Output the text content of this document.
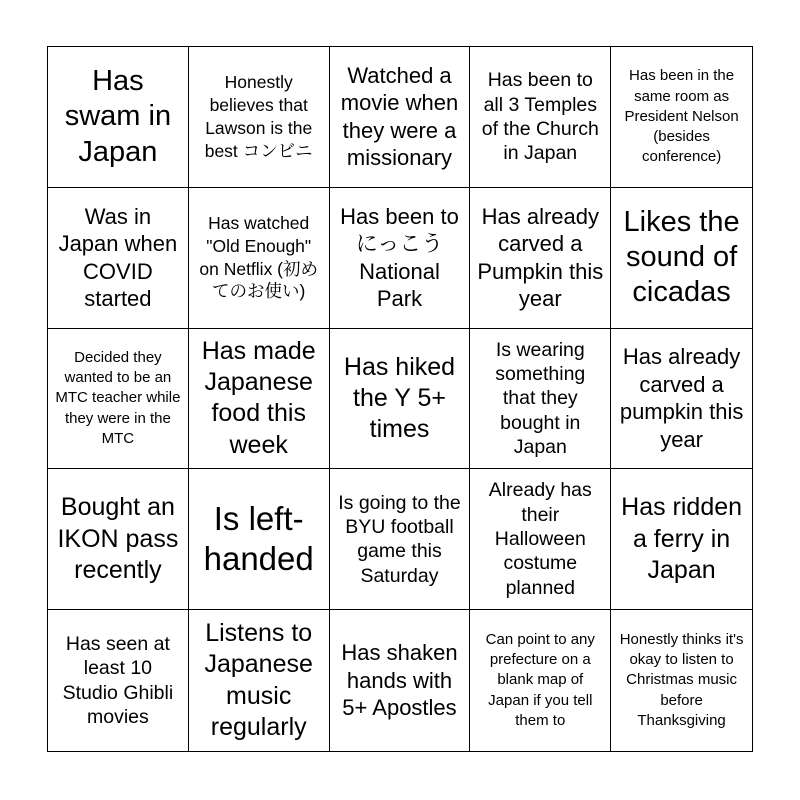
Has swam in Japan
Honestly believes that Lawson is the best コンビニ
Watched a movie when they were a missionary
Has been to all 3 Temples of the Church in Japan
Has been in the same room as President Nelson (besides conference)
Was in Japan when COVID started
Has watched "Old Enough" on Netflix (初めてのお使い)
Has been to にっこう National Park
Has already carved a Pumpkin this year
Likes the sound of cicadas
Decided they wanted to be an MTC teacher while they were in the MTC
Has made Japanese food this week
Has hiked the Y 5+ times
Is wearing something that they bought in Japan
Has already carved a pumpkin this year
Bought an IKON pass recently
Is left-handed
Is going to the BYU football game this Saturday
Already has their Halloween costume planned
Has ridden a ferry in Japan
Has seen at least 10 Studio Ghibli movies
Listens to Japanese music regularly
Has shaken hands with 5+ Apostles
Can point to any prefecture on a blank map of Japan if you tell them to
Honestly thinks it's okay to listen to Christmas music before Thanksgiving
